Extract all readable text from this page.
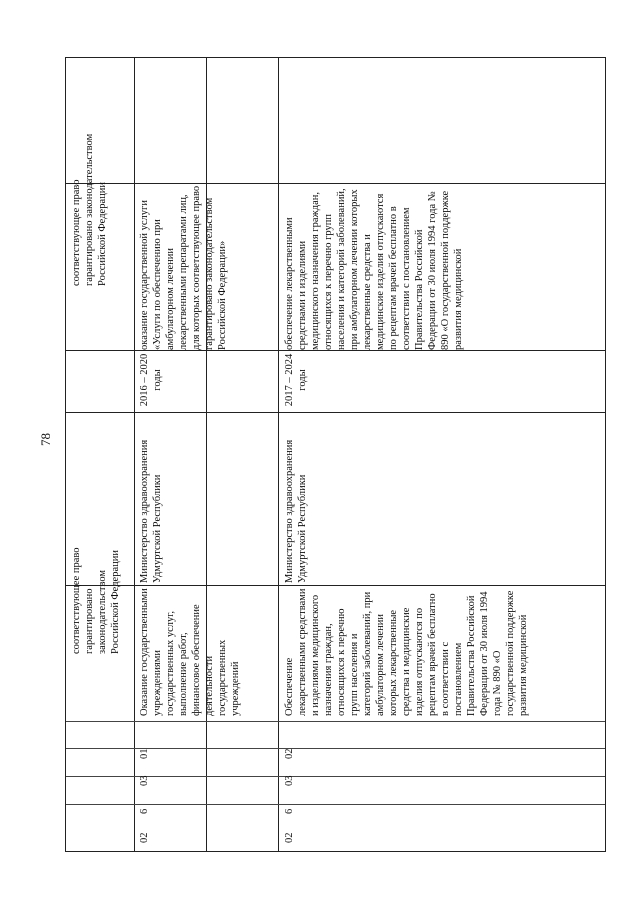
78
соответствующее право гарантировано законодательством Российской Федерации
соответствующее право гарантировано законодательством Российской Федерации
02
6
03
01
Оказание государственными учреждениями государственных услуг, выполнение работ, финансовое обеспечение деятельности государственных учреждений
Министерство здравоохранения Удмуртской Республики
2016 – 2020 годы
оказание государственной услуги «Услуги по обеспечению при амбулаторном лечении лекарственными препаратами лиц, для которых соответствующее право гарантировано законодательством Российской Федерации»
02
6
03
02
Обеспечение лекарственными средствами и изделиями медицинского назначения граждан, относящихся к перечню групп населения и категорий заболеваний, при амбулаторном лечении которых лекарственные средства и медицинские изделия отпускаются по рецептам врачей бесплатно в соответствии с постановлением Правительства Российской Федерации от 30 июля 1994 года № 890 «О государственной поддержке развития медицинской
Министерство здравоохранения Удмуртской Республики
2017 – 2024 годы
обеспечение лекарственными средствами и изделиями медицинского назначения граждан, относящихся к перечню групп населения и категорий заболеваний, при амбулаторном лечении которых лекарственные средства и медицинские изделия отпускаются по рецептам врачей бесплатно в соответствии с постановлением Правительства Российской Федерации от 30 июля 1994 года № 890 «О государственной поддержке развития медицинской
